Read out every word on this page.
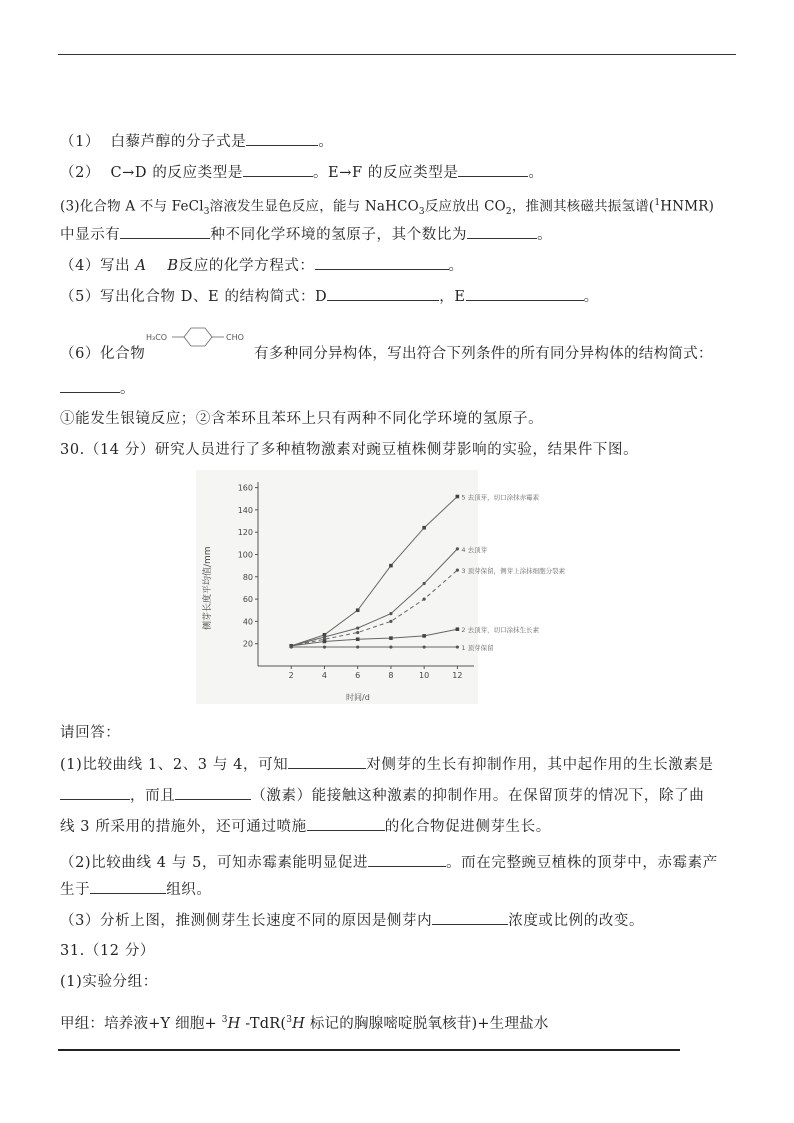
（1） 白藜芦醇的分子式是	。
（2） C→D 的反应类型是	。E→F 的反应类型是	。
(3)化合物 A 不与 FeCl$_3$溶液发生显色反应，能与 NaHCO$_3$反应放出 $CO_2$，推测其核磁共振氢谱($^1$HNMR)
中显示有	种不同化学环境的氢原子，其个数比为	。
（4）写出 A B反应的化学方程式：	。
（5）写出化合物 D、E 的结构简式：D	，E	。
H₃CO	CHO
（6）化合物	有多种同分异构体，写出符合下列条件的所有同分异构体的结构简式：
。
①能发生银镜反应；②含苯环且苯环上只有两种不同化学环境的氢原子。
30.（14 分）研究人员进行了多种植物激素对豌豆植株侧芽影响的实验，结果件下图。
20
40
60
80
100
120
140
160
2	4	6	8	10	12
5 去顶芽，切口涂抹赤霉素
4 去顶芽
3 顶芽保留，侧芽上涂抹细胞分裂素
2 去顶芽，切口涂抹生长素
1 顶芽保留
侧芽长度平均值/mm
时间/d
请回答：
(1)比较曲线 1、2、3 与 4，可知	对侧芽的生长有抑制作用，其中起作用的生长激素是
，而且	（激素）能接触这种激素的抑制作用。在保留顶芽的情况下，除了曲
线 3 所采用的措施外，还可通过喷施	的化合物促进侧芽生长。
（2)比较曲线 4 与 5，可知赤霉素能明显促进	。而在完整豌豆植株的顶芽中，赤霉素产
生于	组织。
（3）分析上图，推测侧芽生长速度不同的原因是侧芽内	浓度或比例的改变。
31.（12 分）
(1)实验分组：
甲组：培养液+Y 细胞+ $^3$H -TdR($^3$H 标记的胸腺嘧啶脱氧核苷)+生理盐水
